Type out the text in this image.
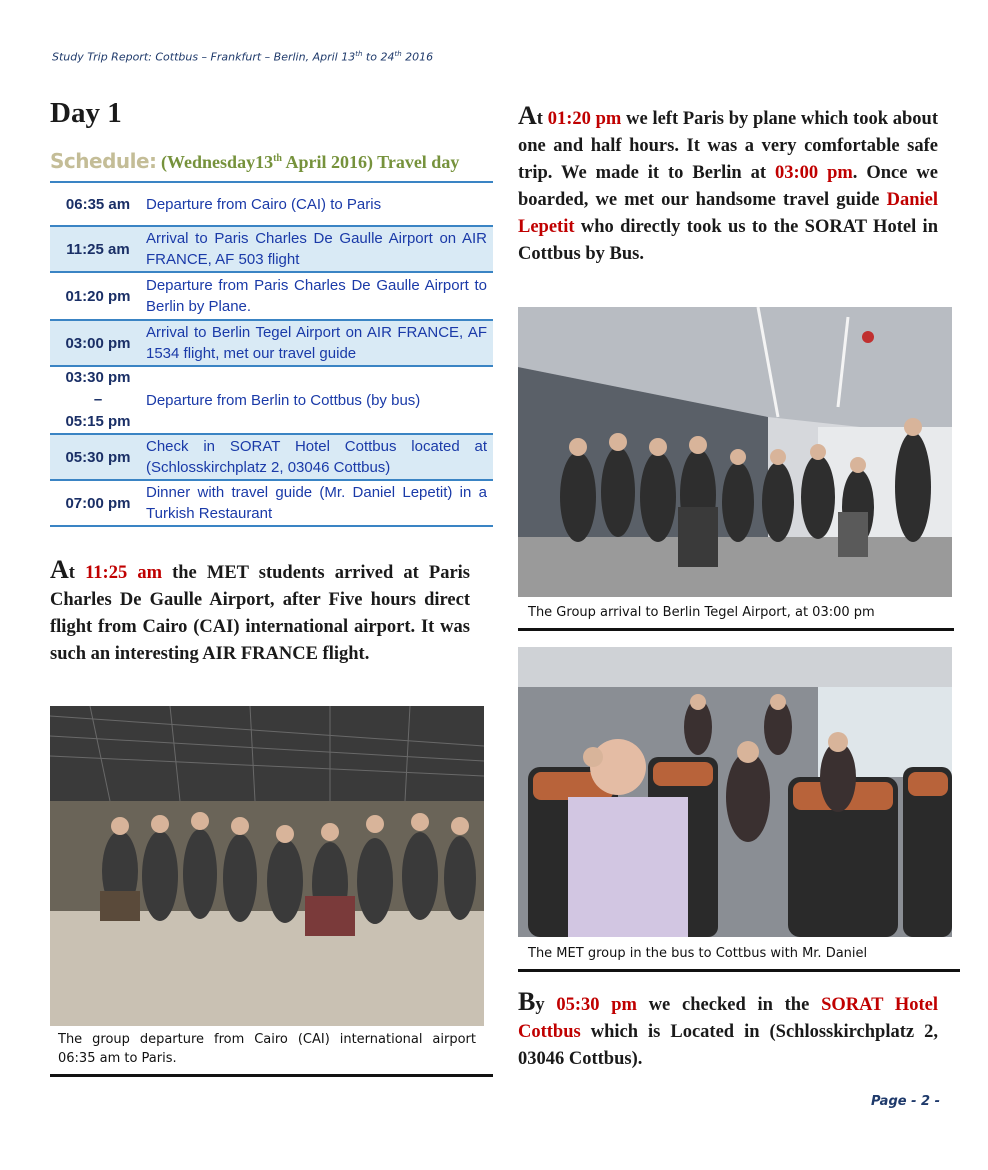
Study Trip Report: Cottbus – Frankfurt – Berlin, April 13th to 24th 2016
Day 1
Schedule: (Wednesday13th April 2016) Travel day
06:35 am	Departure from Cairo (CAI) to Paris
11:25 am	Arrival to Paris Charles De Gaulle Airport on AIR FRANCE, AF 503 flight
01:20 pm	Departure from Paris Charles De Gaulle Airport to Berlin by Plane.
03:00 pm	Arrival to Berlin Tegel Airport on AIR FRANCE, AF 1534 flight, met our travel guide

03:30 pm
–
05:15 pm	Departure from Berlin to Cottbus (by bus)
05:30 pm	Check in SORAT Hotel Cottbus located at (Schlosskirchplatz 2, 03046 Cottbus)
07:00 pm	Dinner with travel guide (Mr. Daniel Lepetit) in a Turkish Restaurant

At 11:25 am the MET students arrived at Paris Charles De Gaulle Airport, after Five hours direct flight from Cairo (CAI) international airport. It was such an interesting AIR FRANCE flight.

The group departure from Cairo (CAI) international airport 06:35 am to Paris.

At 01:20 pm we left Paris by plane which took about one and half hours. It was a very comfortable safe trip. We made it to Berlin at 03:00 pm. Once we boarded, we met our handsome travel guide Daniel Lepetit who directly took us to the SORAT Hotel in Cottbus by Bus.

The Group arrival to Berlin Tegel Airport, at 03:00 pm
The MET group in the bus to Cottbus with Mr. Daniel

By 05:30 pm we checked in the SORAT Hotel Cottbus which is Located in (Schlosskirchplatz 2, 03046 Cottbus).

Page - 2 -
